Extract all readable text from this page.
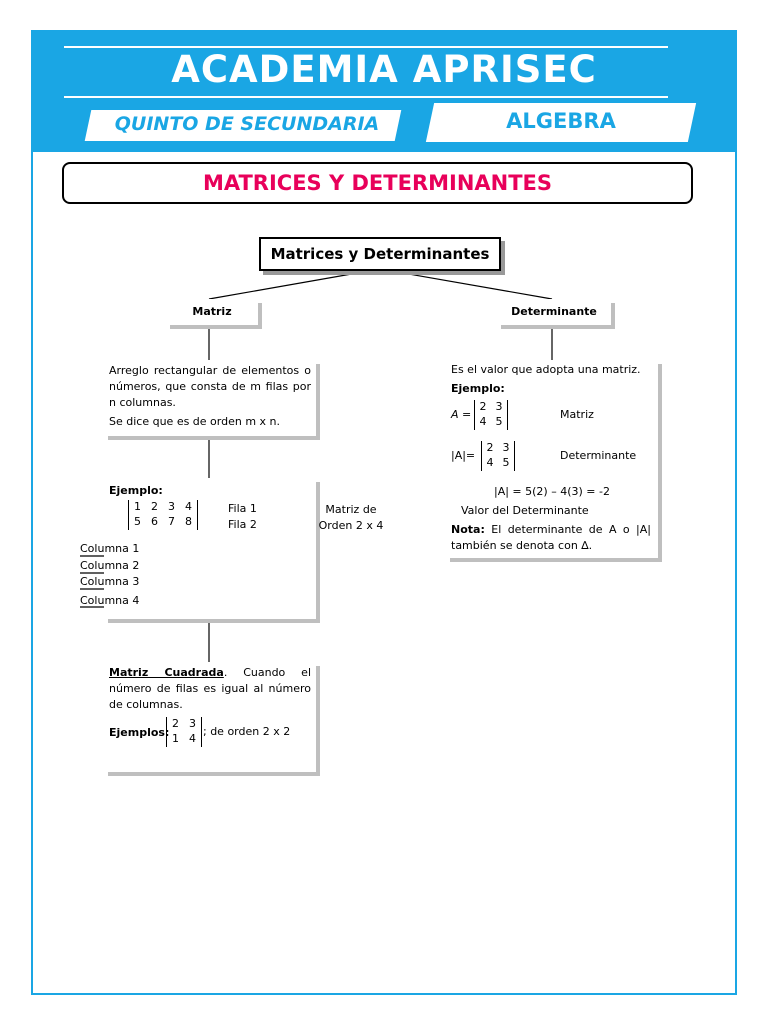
ACADEMIA APRISEC
QUINTO DE SECUNDARIA	ALGEBRA
MATRICES Y DETERMINANTES
Matrices y Determinantes
Matriz	Determinante
Arreglo rectangular de elementos o números, que consta de m filas por n columnas.
Se dice que es de orden m x n.
Ejemplo:
1 2 3 4
5 6 7 8
Fila 1
Fila 2
Columna 1
Columna 2
Columna 3
Columna 4
Matriz de
Orden 2 x 4
Matriz Cuadrada. Cuando el número de filas es igual al número de columnas.
Ejemplos:
2 3
1 4
; de orden 2 x 2
Es el valor que adopta una matriz.
Ejemplo:
A =
2 3
4 5
Matriz
|A|=
2 3
4 5
Determinante
|A| = 5(2) – 4(3) = -2
Valor del Determinante
Nota: El determinante de A o |A| también se denota con ∆.
